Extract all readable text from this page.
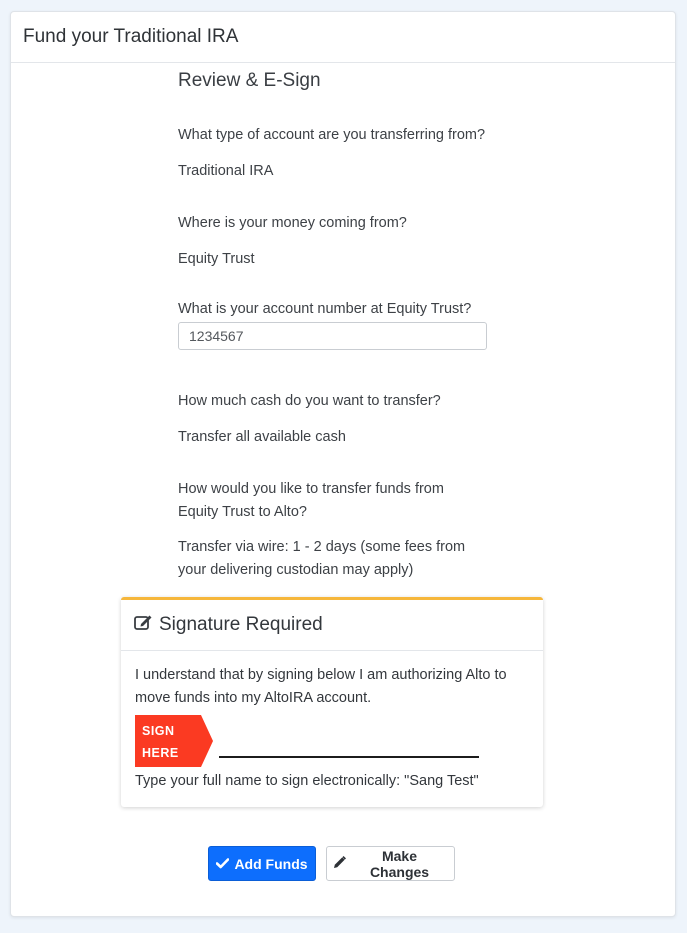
Fund your Traditional IRA
Review & E-Sign
What type of account are you transferring from?
Traditional IRA
Where is your money coming from?
Equity Trust
What is your account number at Equity Trust?
1234567
How much cash do you want to transfer?
Transfer all available cash
How would you like to transfer funds from Equity Trust to Alto?
Transfer via wire: 1 - 2 days (some fees from your delivering custodian may apply)
Signature Required
I understand that by signing below I am authorizing Alto to move funds into my AltoIRA account.
SIGN
HERE
Type your full name to sign electronically: "Sang Test"
Add Funds	Make Changes
